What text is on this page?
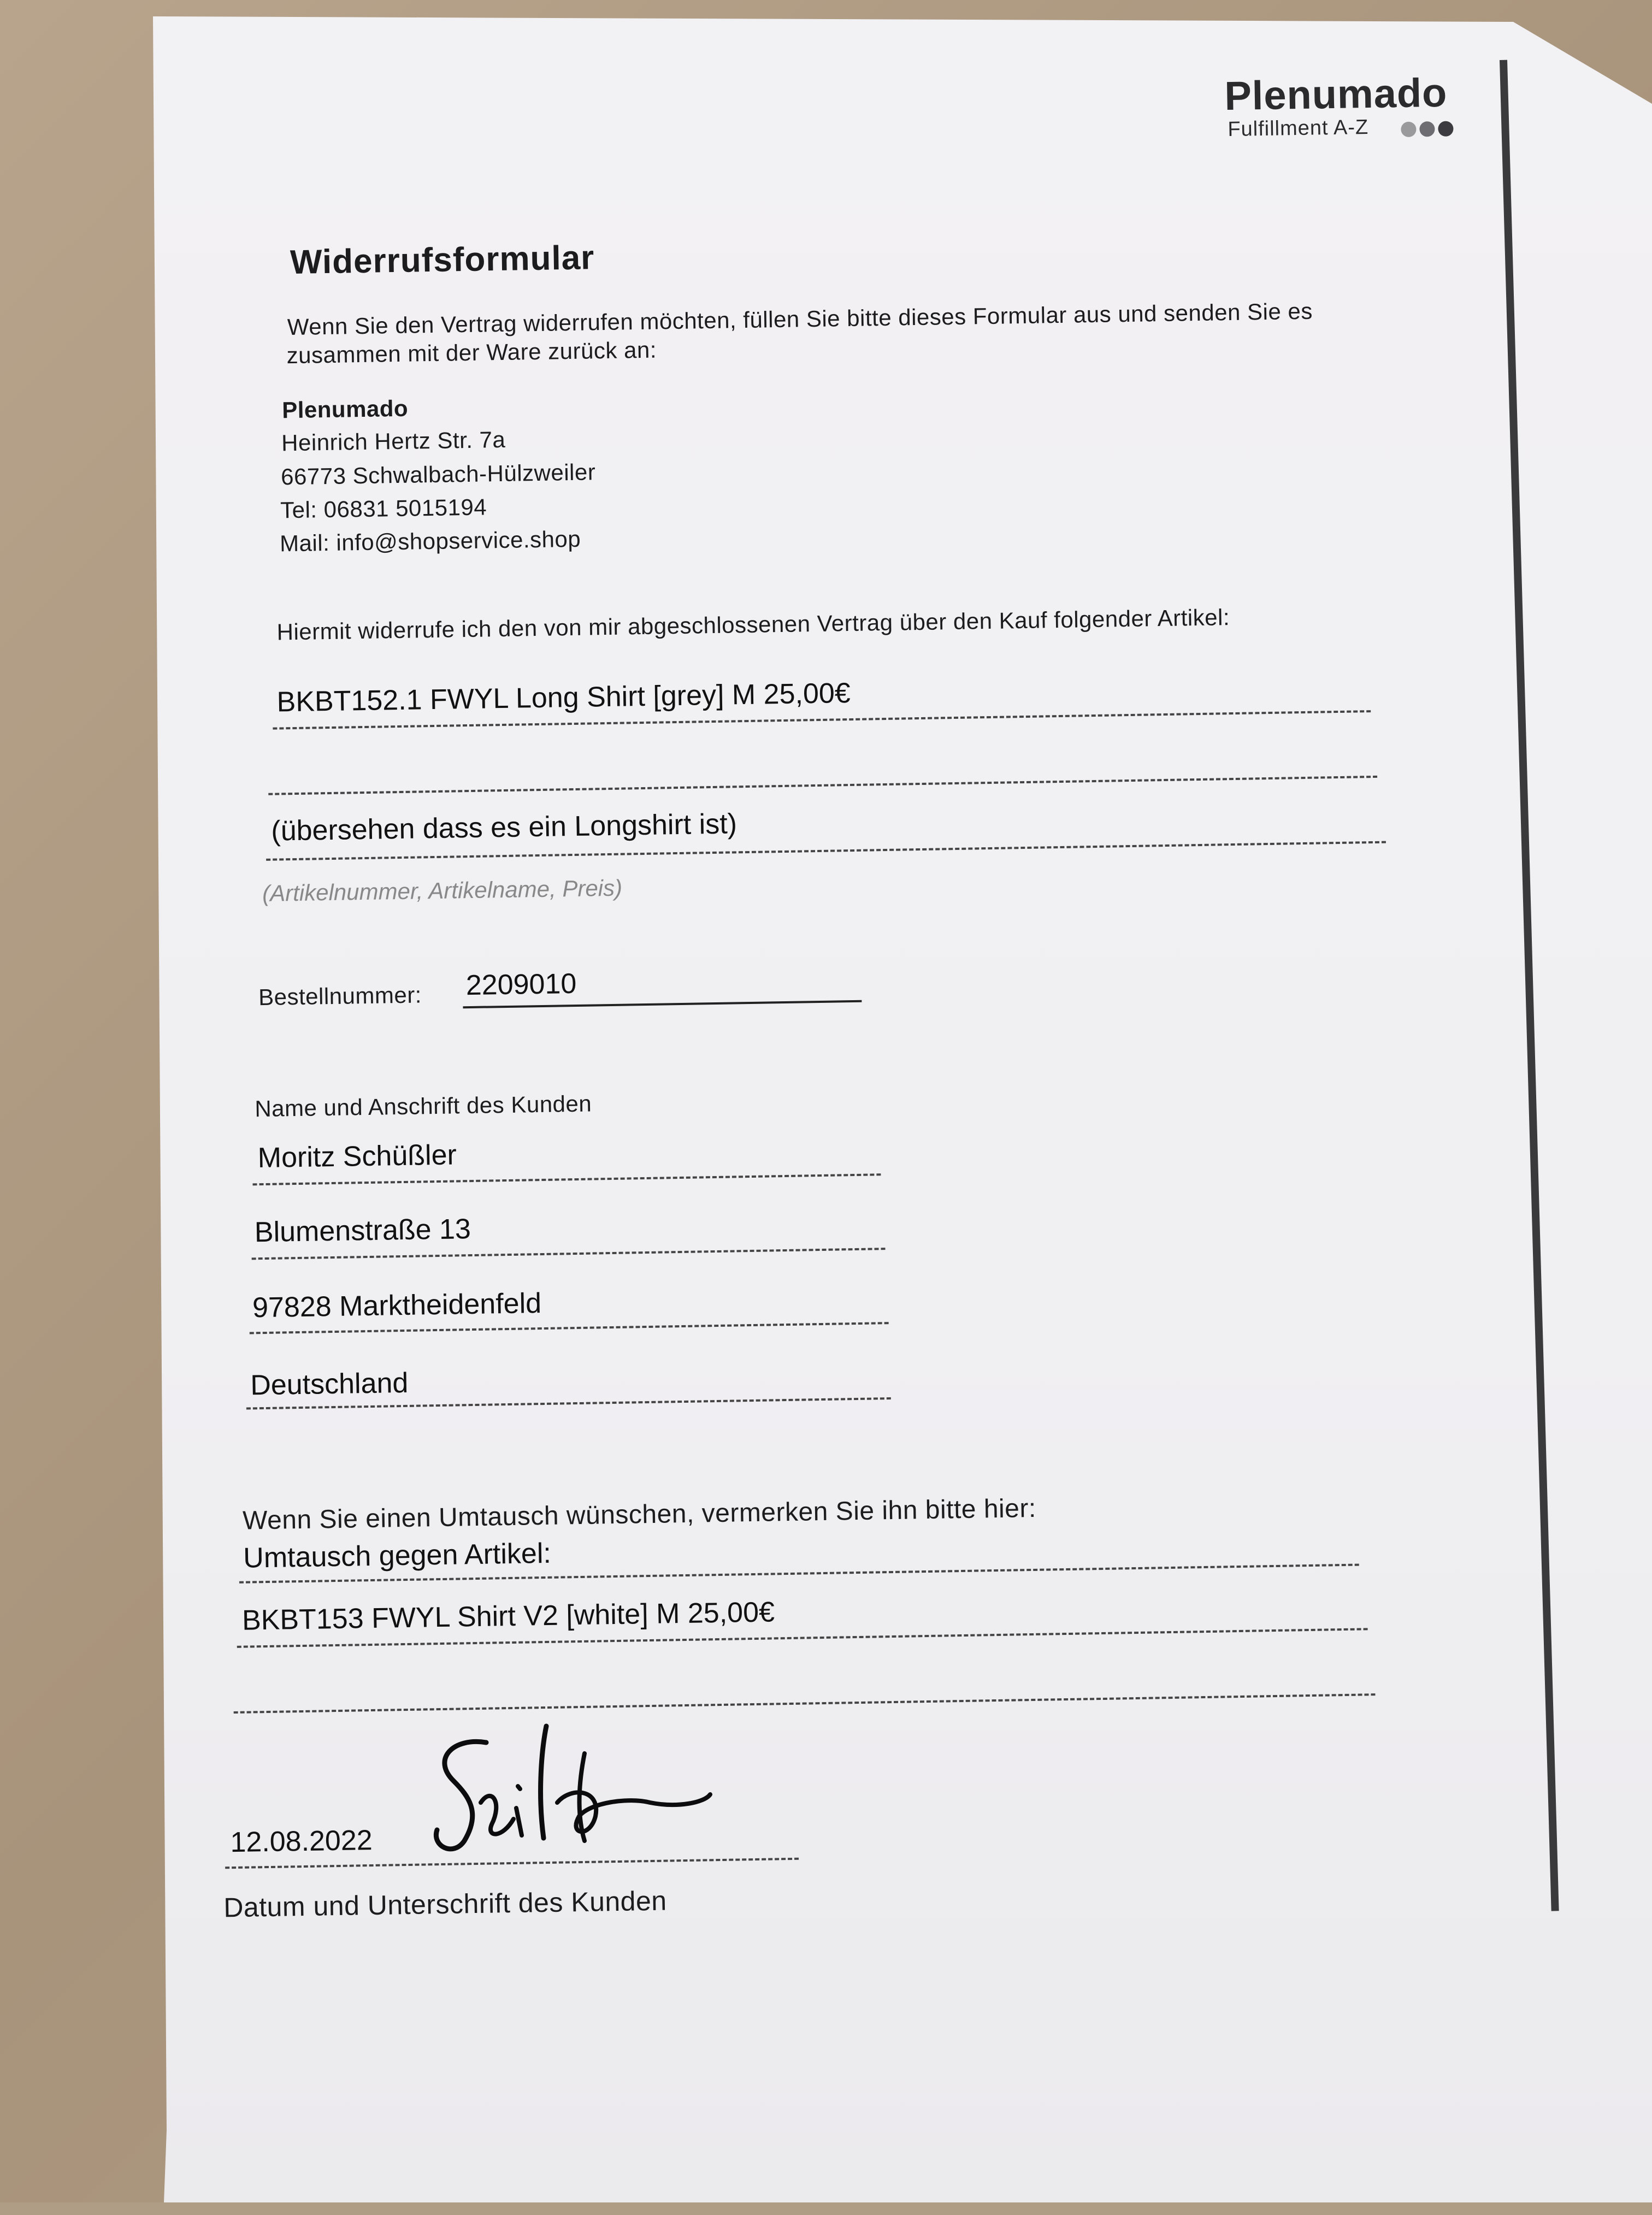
Plenumado
Fulfillment A-Z
Widerrufsformular
Wenn Sie den Vertrag widerrufen möchten, füllen Sie bitte dieses Formular aus und senden Sie es
zusammen mit der Ware zurück an:
Plenumado
Heinrich Hertz Str. 7a
66773 Schwalbach-Hülzweiler
Tel: 06831 5015194
Mail: info@shopservice.shop
Hiermit widerrufe ich den von mir abgeschlossenen Vertrag über den Kauf folgender Artikel:
BKBT152.1 FWYL Long Shirt [grey] M 25,00€
(übersehen dass es ein Longshirt ist)
(Artikelnummer, Artikelname, Preis)
Bestellnummer: 2209010
Name und Anschrift des Kunden
Moritz Schüßler
Blumenstraße 13
97828 Marktheidenfeld
Deutschland
Wenn Sie einen Umtausch wünschen, vermerken Sie ihn bitte hier:
Umtausch gegen Artikel:
BKBT153 FWYL Shirt V2 [white] M 25,00€
12.08.2022
Datum und Unterschrift des Kunden
